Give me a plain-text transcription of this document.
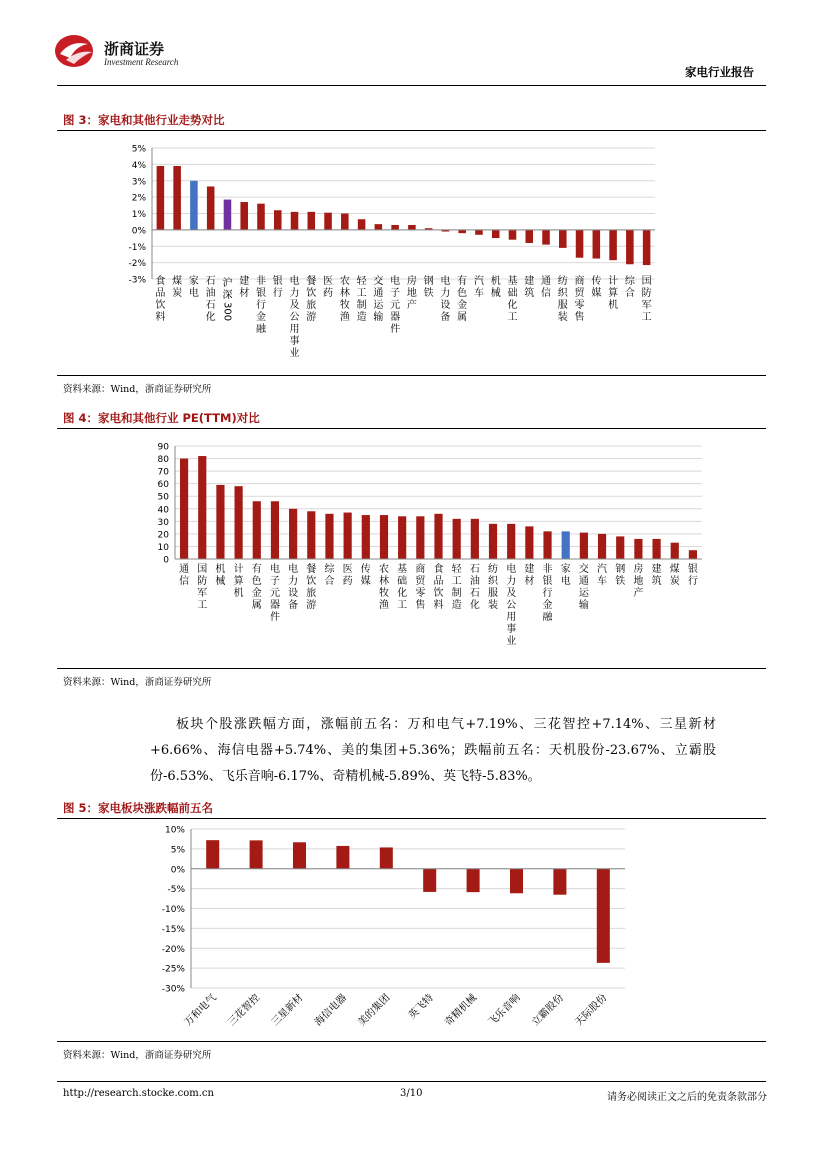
浙商证券
Investment Research
家电行业报告
图 3：家电和其他行业走势对比
-3%
-2%
-1%
0%
1%
2%
3%
4%
5%
食品饮料
煤炭
家电
石油石化
沪
深
300
建材
非银行金融
银行
电力及公用事业
餐饮旅游
医药
农林牧渔
轻工制造
交通运输
电子元器件
房地产
钢铁
电力设备
有色金属
汽车
机械
基础化工
建筑
通信
纺织服装
商贸零售
传媒
计算机
综合
国防军工
资料来源：Wind，浙商证券研究所
图 4：家电和其他行业 PE(TTM)对比
0
10
20
30
40
50
60
70
80
90
通信
国防军工
机械
计算机
有色金属
电子元器件
电力设备
餐饮旅游
综合
医药
传媒
农林牧渔
基础化工
商贸零售
食品饮料
轻工制造
石油石化
纺织服装
电力及公用事业
建材
非银行金融
家电
交通运输
汽车
钢铁
房地产
建筑
煤炭
银行
资料来源：Wind，浙商证券研究所
板块个股涨跌幅方面，涨幅前五名：万和电气+7.19%、三花智控+7.14%、三星新材+6.66%、海信电器+5.74%、美的集团+5.36%；跌幅前五名：天机股份-23.67%、立霸股份-6.53%、飞乐音响-6.17%、奇精机械-5.89%、英飞特-5.83%。
图 5：家电板块涨跌幅前五名
-30%
-25%
-20%
-15%
-10%
-5%
0%
5%
10%
万和电气 三花智控 三星新材 海信电器 美的集团 英飞特 奇精机械 飞乐音响 立霸股份 天际股份
资料来源：Wind，浙商证券研究所
http://research.stocke.com.cn	3/10	请务必阅读正文之后的免责条款部分
